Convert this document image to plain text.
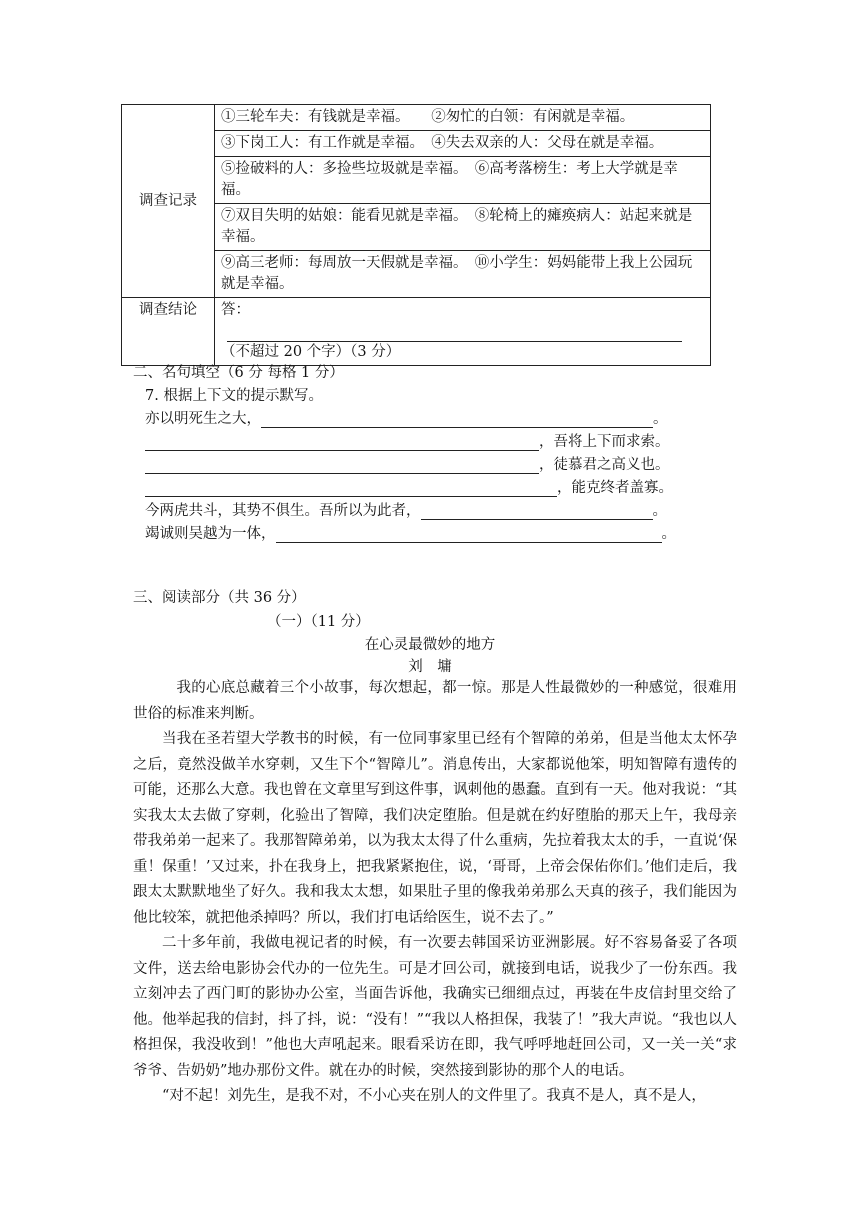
调查记录	①三轮车夫：有钱就是幸福。　　②匆忙的白领：有闲就是幸福。
	③下岗工人：有工作就是幸福。　④失去双亲的人：父母在就是幸福。
	⑤捡破料的人：多捡些垃圾就是幸福。　⑥高考落榜生：考上大学就是幸福。
	⑦双目失明的姑娘：能看见就是幸福。　⑧轮椅上的瘫痪病人：站起来就是幸福。
	⑨高三老师：每周放一天假就是幸福。　⑩小学生：妈妈能带上我上公园玩就是幸福。
调查结论	答：
（不超过 20 个字）（3 分）
二、名句填空（6 分 每格 1 分）
7. 根据上下文的提示默写。
亦以明死生之大，	。
，吾将上下而求索。
，徒慕君之高义也。
，能克终者盖寡。
今两虎共斗，其势不俱生。吾所以为此者，	。
竭诚则吴越为一体，	。
三、阅读部分（共 36 分）
（一）（11 分）
在心灵最微妙的地方
刘　墉

我的心底总藏着三个小故事，每次想起，都一惊。那是人性最微妙的一种感觉，很难用世俗的标准来判断。

当我在圣若望大学教书的时候，有一位同事家里已经有个智障的弟弟，但是当他太太怀孕之后，竟然没做羊水穿刺，又生下个“智障儿”。消息传出，大家都说他笨，明知智障有遗传的可能，还那么大意。我也曾在文章里写到这件事，讽刺他的愚蠢。直到有一天。他对我说：“其实我太太去做了穿刺，化验出了智障，我们决定堕胎。但是就在约好堕胎的那天上午，我母亲带我弟弟一起来了。我那智障弟弟，以为我太太得了什么重病，先拉着我太太的手，一直说‘保重！保重！’又过来，扑在我身上，把我紧紧抱住，说，‘哥哥，上帝会保佑你们。’他们走后，我跟太太默默地坐了好久。我和我太太想，如果肚子里的像我弟弟那么天真的孩子，我们能因为他比较笨，就把他杀掉吗？所以，我们打电话给医生，说不去了。”

二十多年前，我做电视记者的时候，有一次要去韩国采访亚洲影展。好不容易备妥了各项文件，送去给电影协会代办的一位先生。可是才回公司，就接到电话，说我少了一份东西。我立刻冲去了西门町的影协办公室，当面告诉他，我确实已细细点过，再装在牛皮信封里交给了他。他举起我的信封，抖了抖，说：“没有！”“我以人格担保，我装了！”我大声说。“我也以人格担保，我没收到！”他也大声吼起来。眼看采访在即，我气呼呼地赶回公司，又一关一关“求爷爷、告奶奶”地办那份文件。就在办的时候，突然接到影协的那个人的电话。

“对不起！刘先生，是我不对，不小心夹在别人的文件里了。我真不是人，真不是人，
